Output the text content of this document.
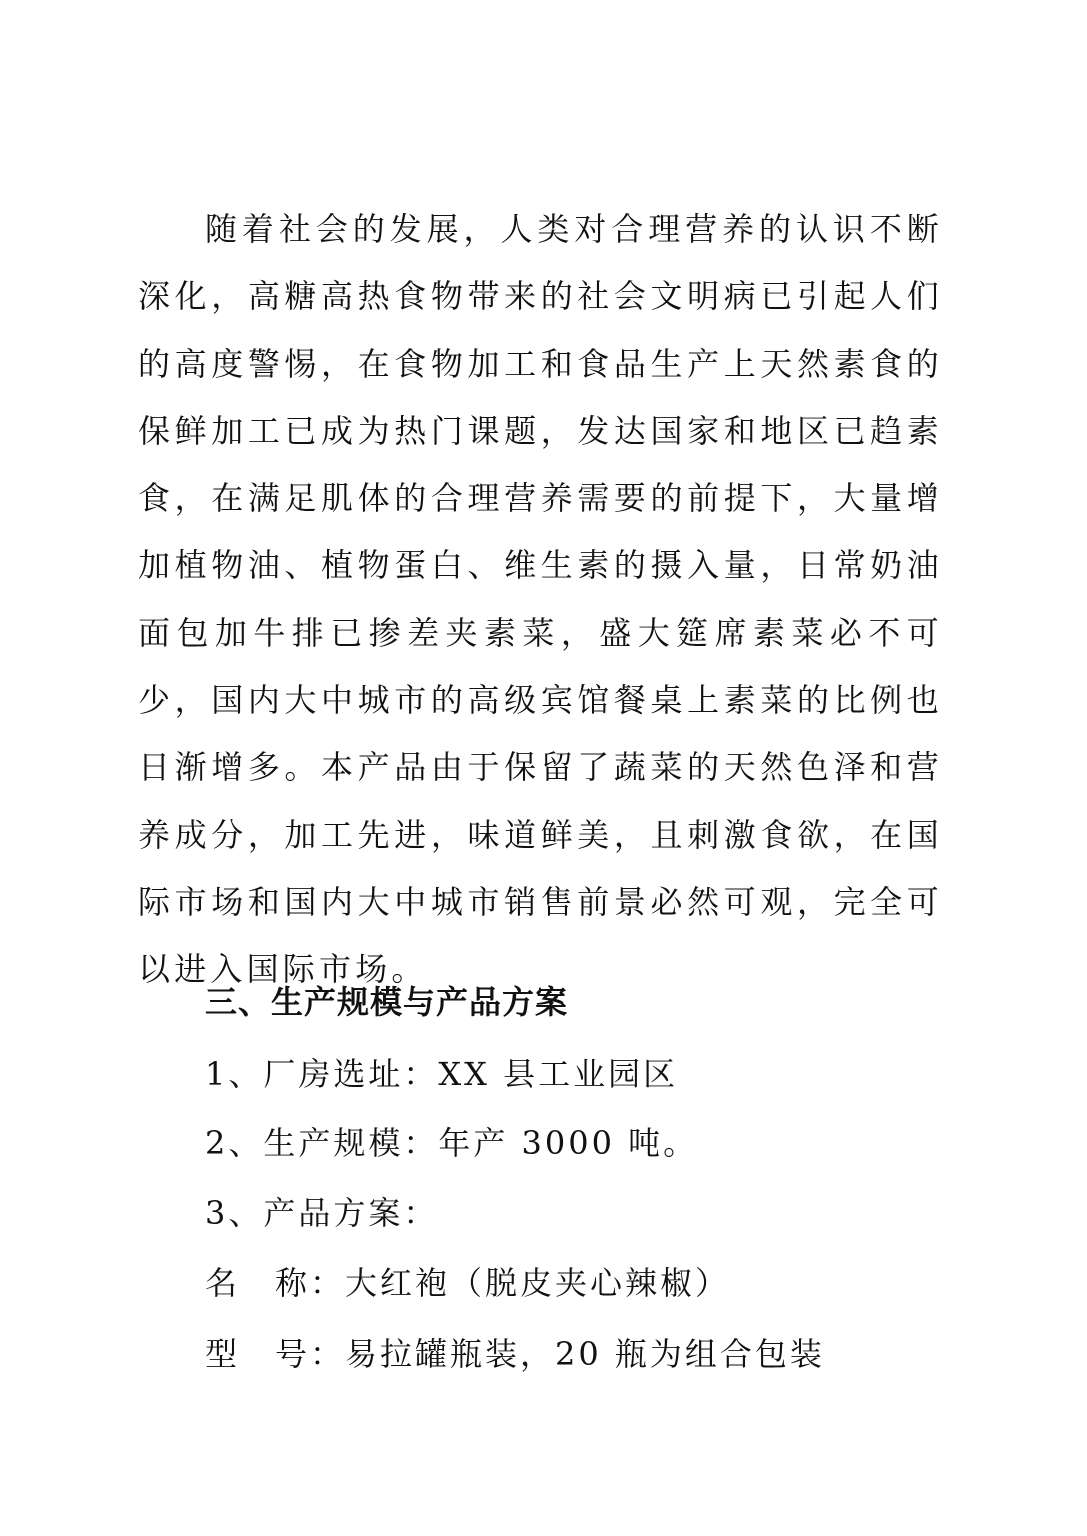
随着社会的发展，人类对合理营养的认识不断深化，高糖高热食物带来的社会文明病已引起人们的高度警惕，在食物加工和食品生产上天然素食的保鲜加工已成为热门课题，发达国家和地区已趋素食，在满足肌体的合理营养需要的前提下，大量增加植物油、植物蛋白、维生素的摄入量，日常奶油面包加牛排已掺差夹素菜，盛大筵席素菜必不可少，国内大中城市的高级宾馆餐桌上素菜的比例也日渐增多。本产品由于保留了蔬菜的天然色泽和营养成分，加工先进，味道鲜美，且刺激食欲，在国际市场和国内大中城市销售前景必然可观，完全可以进入国际市场。

三、生产规模与产品方案
1、厂房选址：XX 县工业园区
2、生产规模：年产 3000 吨。
3、产品方案：
名　称：大红袍（脱皮夹心辣椒）
型　号：易拉罐瓶装，20 瓶为组合包装
